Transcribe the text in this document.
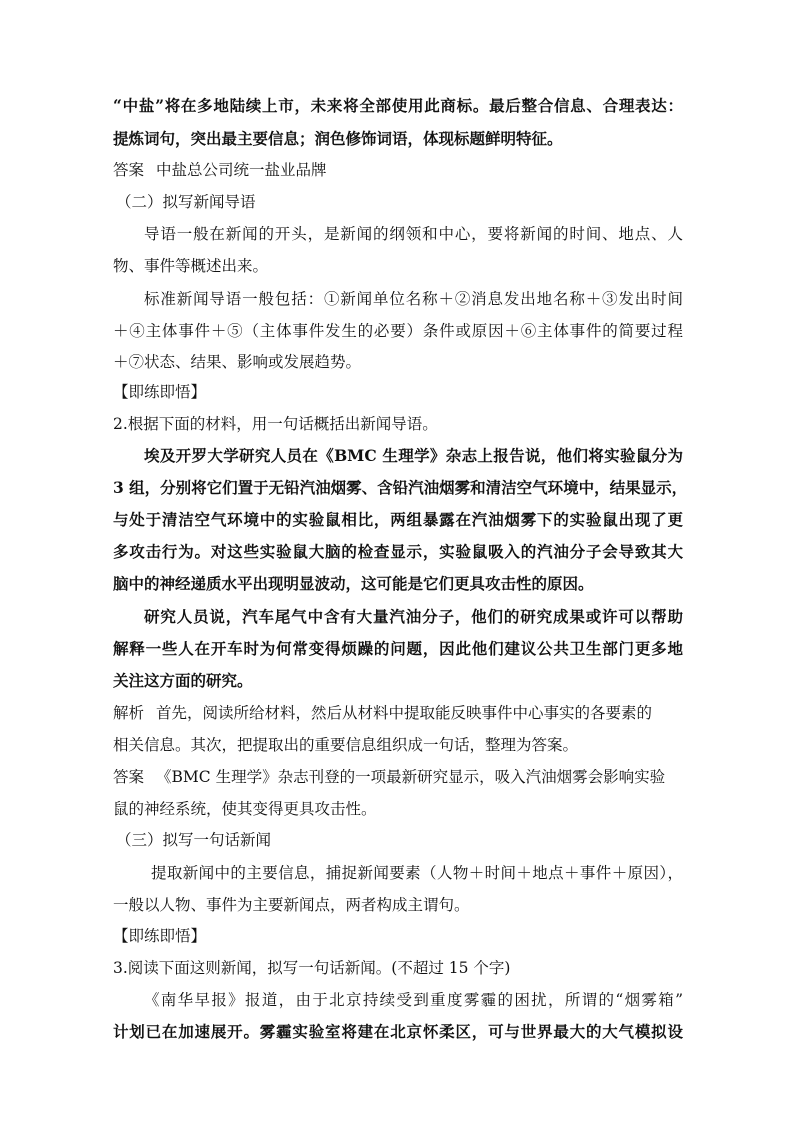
“中盐”将在多地陆续上市，未来将全部使用此商标。最后整合信息、合理表达：
提炼词句，突出最主要信息；润色修饰词语，体现标题鲜明特征。
答案 中盐总公司统一盐业品牌
（二）拟写新闻导语
导语一般在新闻的开头，是新闻的纲领和中心，要将新闻的时间、地点、人
物、事件等概述出来。
标准新闻导语一般包括：①新闻单位名称＋②消息发出地名称＋③发出时间
＋④主体事件＋⑤（主体事件发生的必要）条件或原因＋⑥主体事件的简要过程
＋⑦状态、结果、影响或发展趋势。
【即练即悟】
2.根据下面的材料，用一句话概括出新闻导语。
埃及开罗大学研究人员在《BMC 生理学》杂志上报告说，他们将实验鼠分为
3 组，分别将它们置于无铅汽油烟雾、含铅汽油烟雾和清洁空气环境中，结果显示，
与处于清洁空气环境中的实验鼠相比，两组暴露在汽油烟雾下的实验鼠出现了更
多攻击行为。对这些实验鼠大脑的检查显示，实验鼠吸入的汽油分子会导致其大
脑中的神经递质水平出现明显波动，这可能是它们更具攻击性的原因。
研究人员说，汽车尾气中含有大量汽油分子，他们的研究成果或许可以帮助
解释一些人在开车时为何常变得烦躁的问题，因此他们建议公共卫生部门更多地
关注这方面的研究。
解析 首先，阅读所给材料，然后从材料中提取能反映事件中心事实的各要素的
相关信息。其次，把提取出的重要信息组织成一句话，整理为答案。
答案 《BMC 生理学》杂志刊登的一项最新研究显示，吸入汽油烟雾会影响实验
鼠的神经系统，使其变得更具攻击性。
（三）拟写一句话新闻
提取新闻中的主要信息，捕捉新闻要素（人物＋时间＋地点＋事件＋原因），
一般以人物、事件为主要新闻点，两者构成主谓句。
【即练即悟】
3.阅读下面这则新闻，拟写一句话新闻。(不超过 15 个字)
《南华早报》报道，由于北京持续受到重度雾霾的困扰，所谓的“烟雾箱”
计划已在加速展开。雾霾实验室将建在北京怀柔区，可与世界最大的大气模拟设
